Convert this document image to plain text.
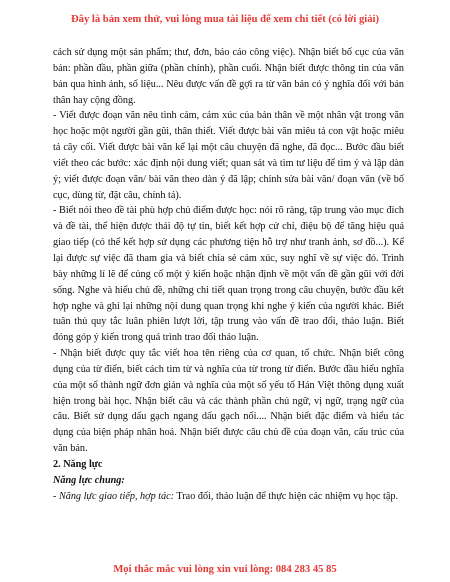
Đây là bản xem thử, vui lòng mua tài liệu để xem chi tiết (có lời giải)

cách sử dụng một sản phẩm; thư, đơn, báo cáo công việc). Nhận biết bố cục của văn bản: phần đầu, phần giữa (phần chính), phần cuối. Nhận biết được thông tin của văn bản qua hình ảnh, số liệu... Nêu được vấn đề gợi ra từ văn bản có ý nghĩa đối với bản thân hay cộng đồng.

- Viết được đoạn văn nêu tình cảm, cảm xúc của bản thân về một nhân vật trong văn học hoặc một người gần gũi, thân thiết. Viết được bài văn miêu tả con vật hoặc miêu tả cây cối. Viết được bài văn kể lại một câu chuyện đã nghe, đã đọc... Bước đầu biết viết theo các bước: xác định nội dung viết; quan sát và tìm tư liệu để tìm ý và lập dàn ý; viết được đoạn văn/ bài văn theo dàn ý đã lập; chỉnh sửa bài văn/ đoạn văn (về bố cục, dùng từ, đặt câu, chính tả).

- Biết nói theo đề tài phù hợp chủ điểm được học: nói rõ ràng, tập trung vào mục đích và đề tài, thể hiện được thái độ tự tin, biết kết hợp cử chỉ, điệu bộ để tăng hiệu quả giao tiếp (có thể kết hợp sử dụng các phương tiện hỗ trợ như tranh ảnh, sơ đồ...). Kể lại được sự việc đã tham gia và biết chia sẻ cảm xúc, suy nghĩ về sự việc đó. Trình bày những lí lẽ để củng cố một ý kiến hoặc nhận định về một vấn đề gần gũi với đời sống. Nghe và hiểu chủ đề, những chi tiết quan trọng trong câu chuyện, bước đầu kết hợp nghe và ghi lại những nội dung quan trọng khi nghe ý kiến của người khác. Biết tuân thủ quy tắc luân phiên lượt lời, tập trung vào vấn đề trao đổi, thảo luận. Biết đóng góp ý kiến trong quá trình trao đổi thảo luận.

- Nhận biết được quy tắc viết hoa tên riêng của cơ quan, tổ chức. Nhận biết công dụng của từ điển, biết cách tìm từ và nghĩa của từ trong từ điển. Bước đầu hiểu nghĩa của một số thành ngữ đơn giản và nghĩa của một số yếu tố Hán Việt thông dụng xuất hiện trong bài học. Nhận biết câu và các thành phần chủ ngữ, vị ngữ, trạng ngữ của câu. Biết sử dụng dấu gạch ngang dấu gạch nối.... Nhận biết đặc điểm và hiểu tác dụng của biện pháp nhân hoá. Nhận biết được câu chủ đề của đoạn văn, cấu trúc của văn bản.

2. Năng lực

Năng lực chung:

- Năng lực giao tiếp, hợp tác: Trao đổi, thảo luận để thực hiện các nhiệm vụ học tập.

Mọi thắc mắc vui lòng xin vui lòng: 084 283 45 85
